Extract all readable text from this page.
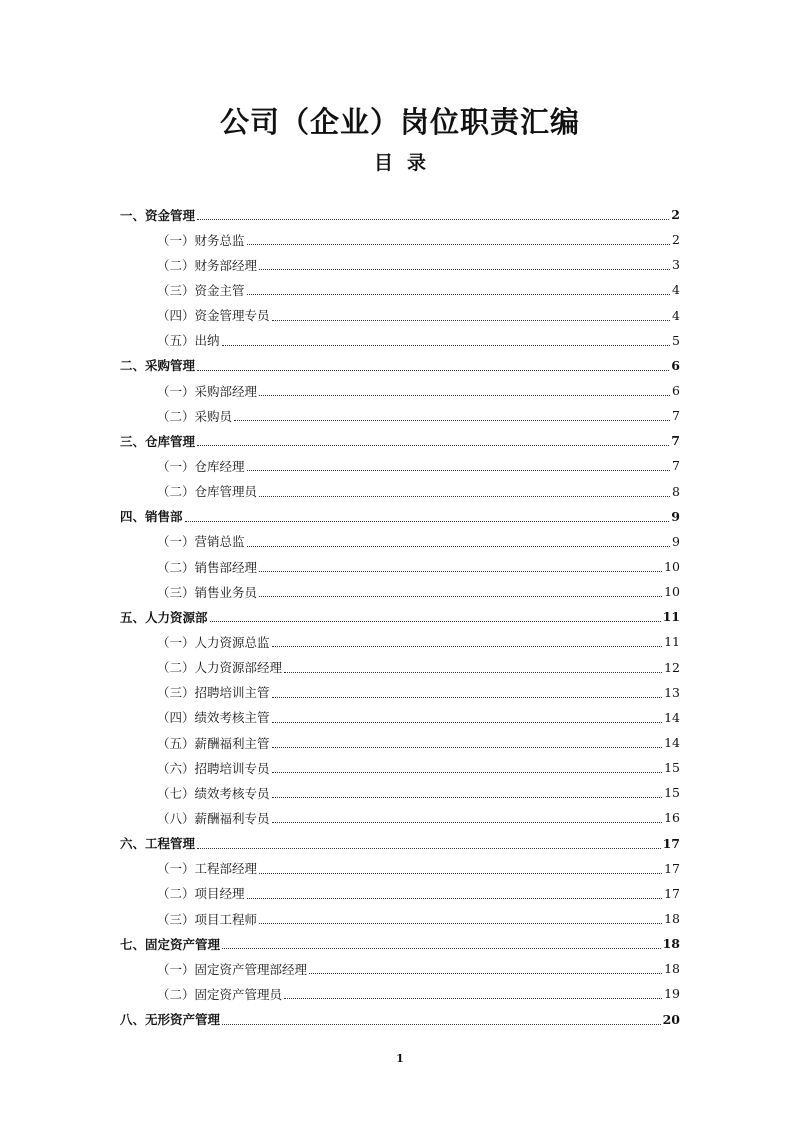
公司（企业）岗位职责汇编
目录
一、资金管理	2
（一）财务总监	2
（二）财务部经理	3
（三）资金主管	4
（四）资金管理专员	4
（五）出纳	5
二、采购管理	6
（一）采购部经理	6
（二）采购员	7
三、仓库管理	7
（一）仓库经理	7
（二）仓库管理员	8
四、销售部	9
（一）营销总监	9
（二）销售部经理	10
（三）销售业务员	10
五、人力资源部	11
（一）人力资源总监	11
（二）人力资源部经理	12
（三）招聘培训主管	13
（四）绩效考核主管	14
（五）薪酬福利主管	14
（六）招聘培训专员	15
（七）绩效考核专员	15
（八）薪酬福利专员	16
六、工程管理	17
（一）工程部经理	17
（二）项目经理	17
（三）项目工程师	18
七、固定资产管理	18
（一）固定资产管理部经理	18
（二）固定资产管理员	19
八、无形资产管理	20
1
